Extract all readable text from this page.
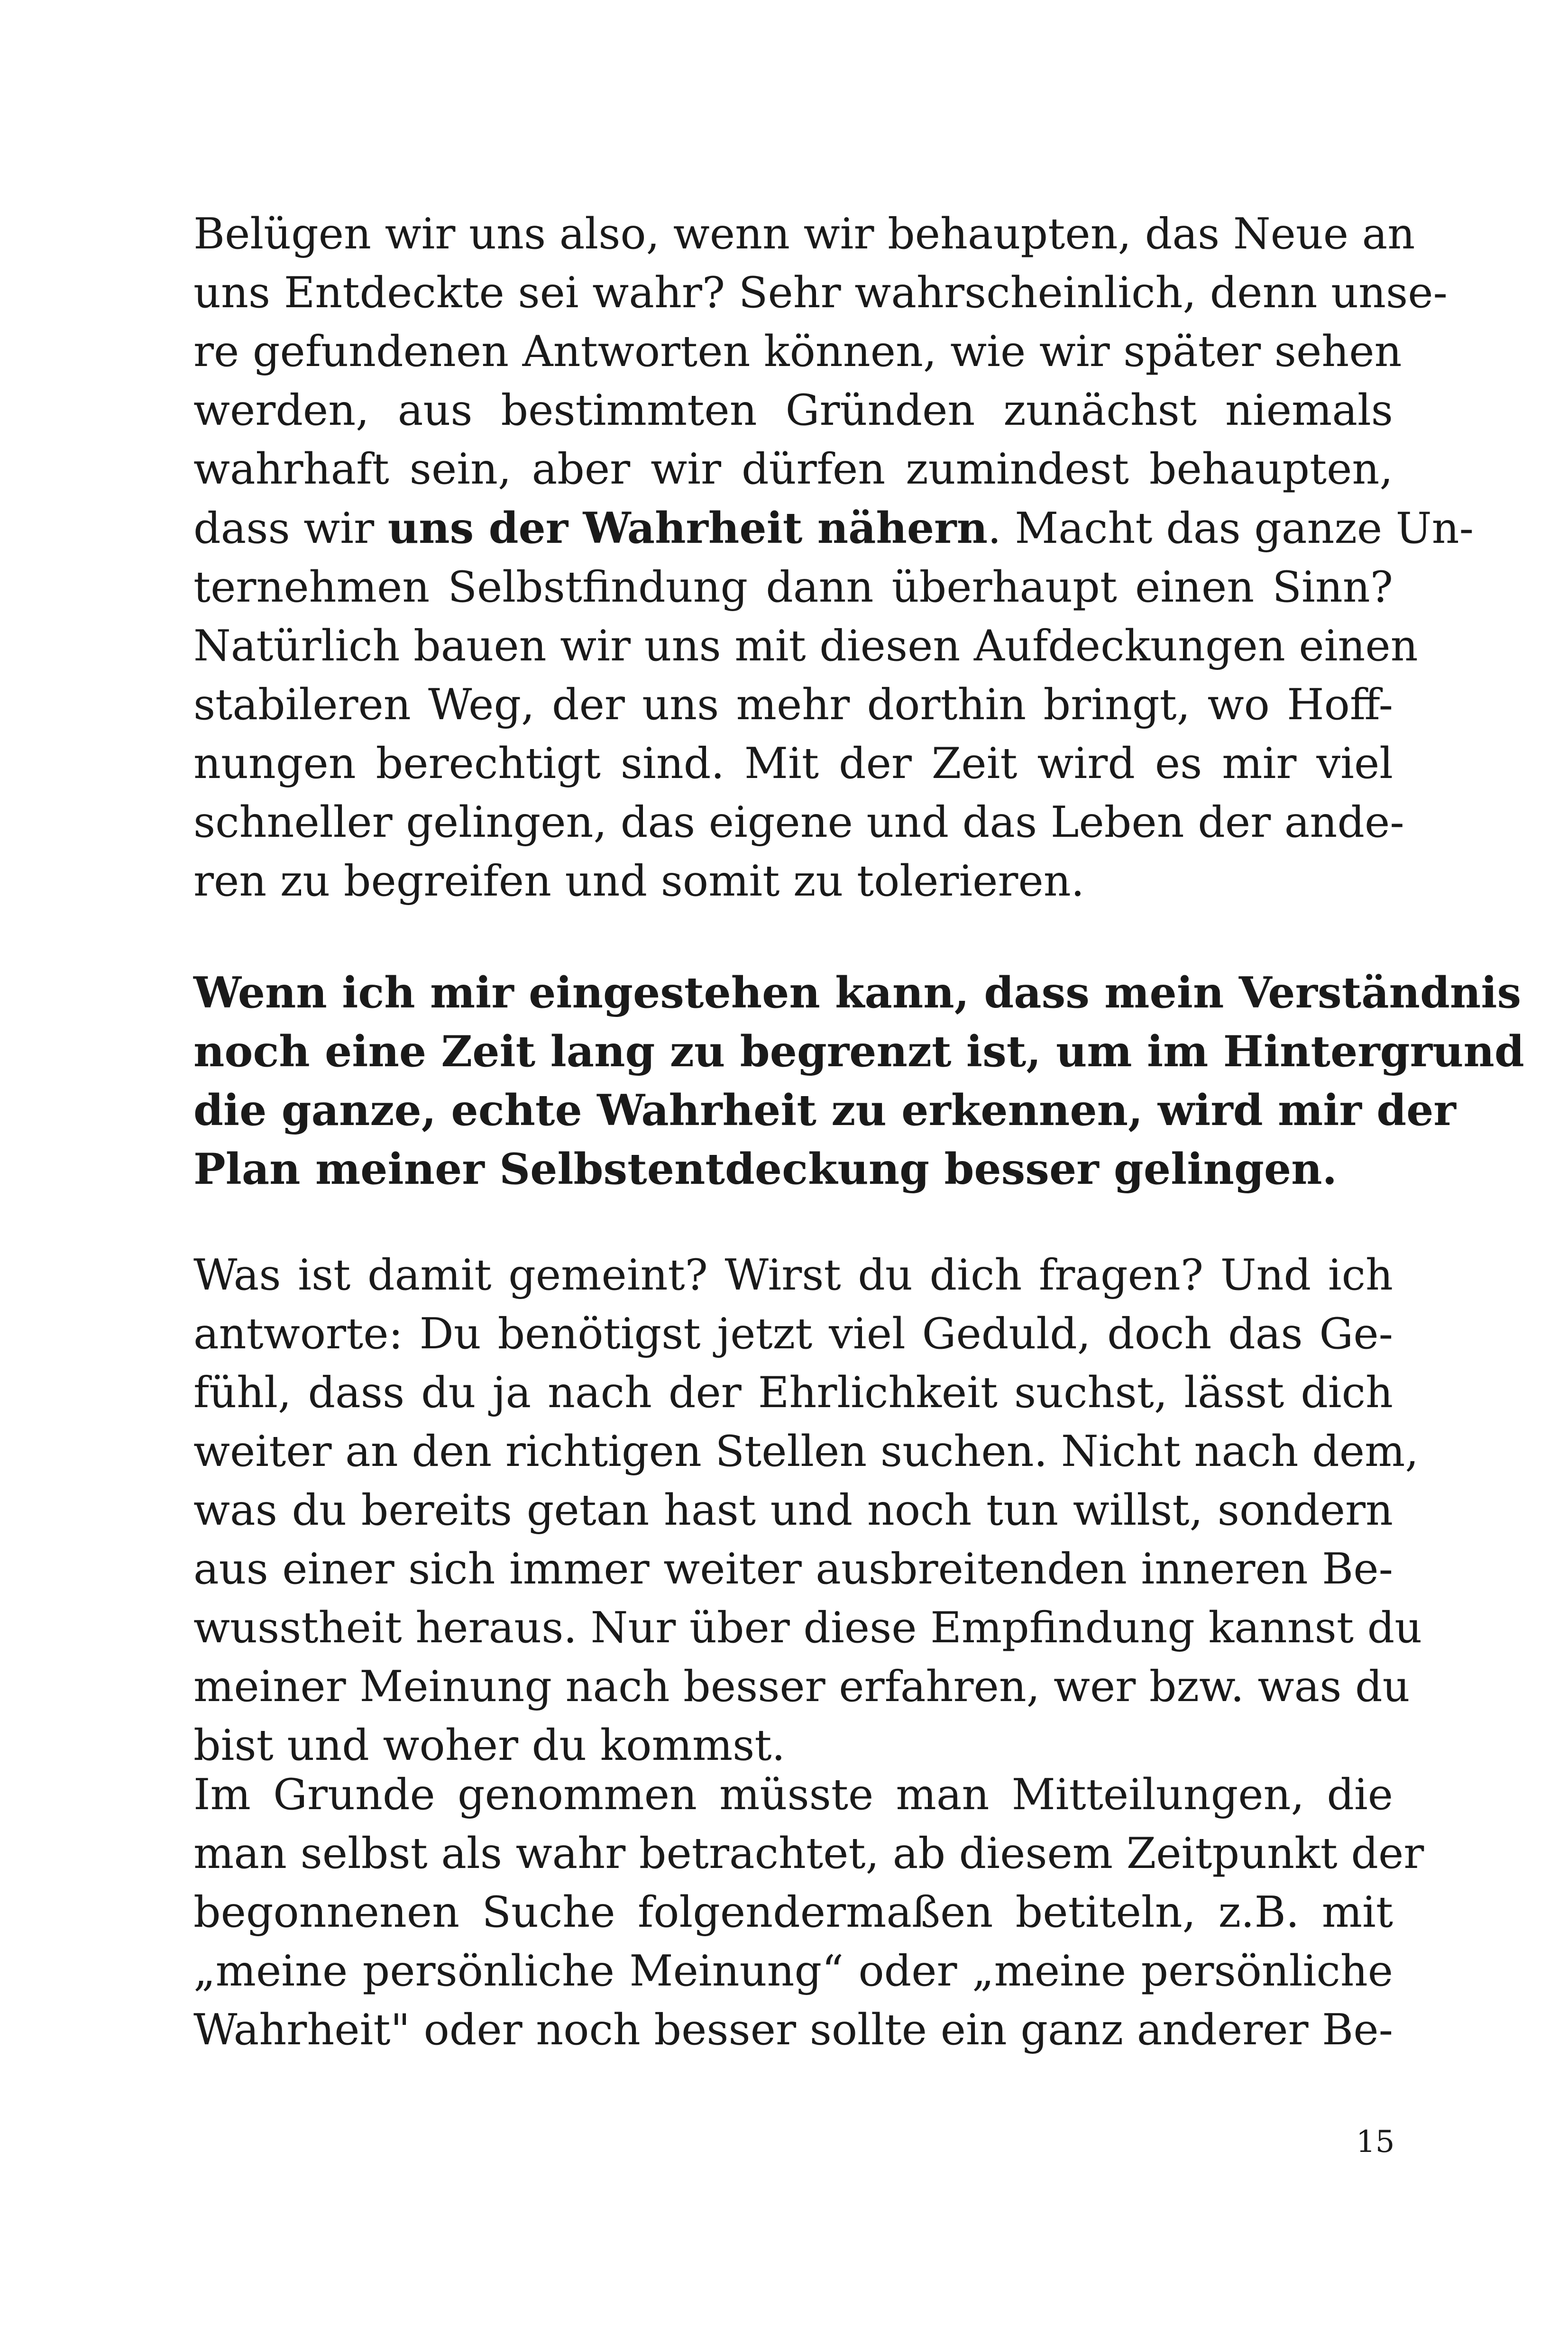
Belügen wir uns also, wenn wir behaupten, das Neue an
uns Entdeckte sei wahr? Sehr wahrscheinlich, denn unse-
re gefundenen Antworten können, wie wir später sehen
werden, aus bestimmten Gründen zunächst niemals
wahrhaft sein, aber wir dürfen zumindest behaupten,
dass wir uns der Wahrheit nähern. Macht das ganze Un-
ternehmen Selbstfindung dann überhaupt einen Sinn?
Natürlich bauen wir uns mit diesen Aufdeckungen einen
stabileren Weg, der uns mehr dorthin bringt, wo Hoff-
nungen berechtigt sind. Mit der Zeit wird es mir viel
schneller gelingen, das eigene und das Leben der ande-
ren zu begreifen und somit zu tolerieren.
Wenn ich mir eingestehen kann, dass mein Verständnis
noch eine Zeit lang zu begrenzt ist, um im Hintergrund
die ganze, echte Wahrheit zu erkennen, wird mir der
Plan meiner Selbstentdeckung besser gelingen.
Was ist damit gemeint? Wirst du dich fragen? Und ich
antworte: Du benötigst jetzt viel Geduld, doch das Ge-
fühl, dass du ja nach der Ehrlichkeit suchst, lässt dich
weiter an den richtigen Stellen suchen. Nicht nach dem,
was du bereits getan hast und noch tun willst, sondern
aus einer sich immer weiter ausbreitenden inneren Be-
wusstheit heraus. Nur über diese Empfindung kannst du
meiner Meinung nach besser erfahren, wer bzw. was du
bist und woher du kommst.
Im Grunde genommen müsste man Mitteilungen, die
man selbst als wahr betrachtet, ab diesem Zeitpunkt der
begonnenen Suche folgendermaßen betiteln, z.B. mit
„meine persönliche Meinung“ oder „meine persönliche
Wahrheit" oder noch besser sollte ein ganz anderer Be-
15
